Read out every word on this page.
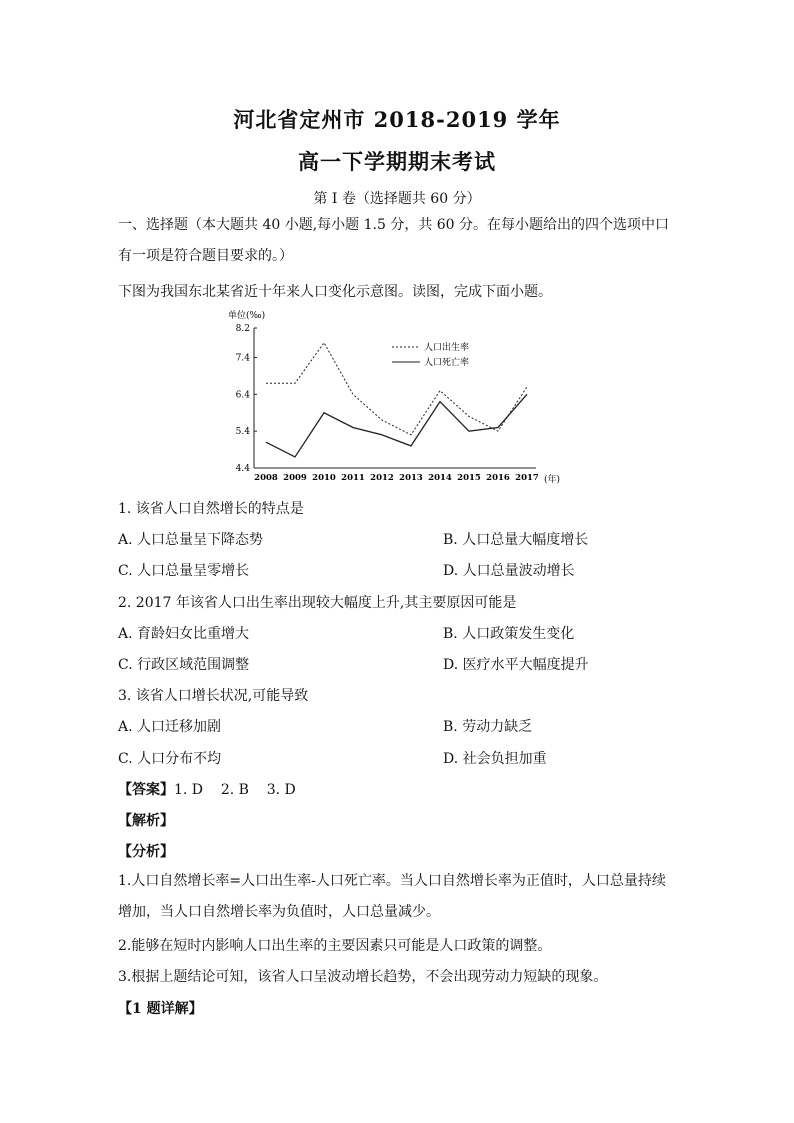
河北省定州市 2018-2019 学年
高一下学期期末考试
第 I 卷（选择题共 60 分）
一、选择题（本大题共 40 小题,每小题 1.5 分，共 60 分。在每小题给出的四个选项中口有一项是符合题目要求的。）
下图为我国东北某省近十年来人口变化示意图。读图，完成下面小题。
单位(‰)
4.4
5.4
6.4
7.4
8.2
2008 2009 2010 2011 2012 2013 2014 2015 2016 2017 (年)
人口出生率
人口死亡率
1. 该省人口自然增长的特点是
A. 人口总量呈下降态势	B. 人口总量大幅度增长
C. 人口总量呈零增长	D. 人口总量波动增长
2. 2017 年该省人口出生率出现较大幅度上升,其主要原因可能是
A. 育龄妇女比重增大	B. 人口政策发生变化
C. 行政区域范围调整	D. 医疗水平大幅度提升
3. 该省人口增长状况,可能导致
A. 人口迁移加剧	B. 劳动力缺乏
C. 人口分布不均	D. 社会负担加重
【答案】1. D    2. B    3. D
【解析】
【分析】
1.人口自然增长率=人口出生率-人口死亡率。当人口自然增长率为正值时，人口总量持续增加，当人口自然增长率为负值时，人口总量减少。
2.能够在短时内影响人口出生率的主要因素只可能是人口政策的调整。
3.根据上题结论可知，该省人口呈波动增长趋势，不会出现劳动力短缺的现象。
【1 题详解】
